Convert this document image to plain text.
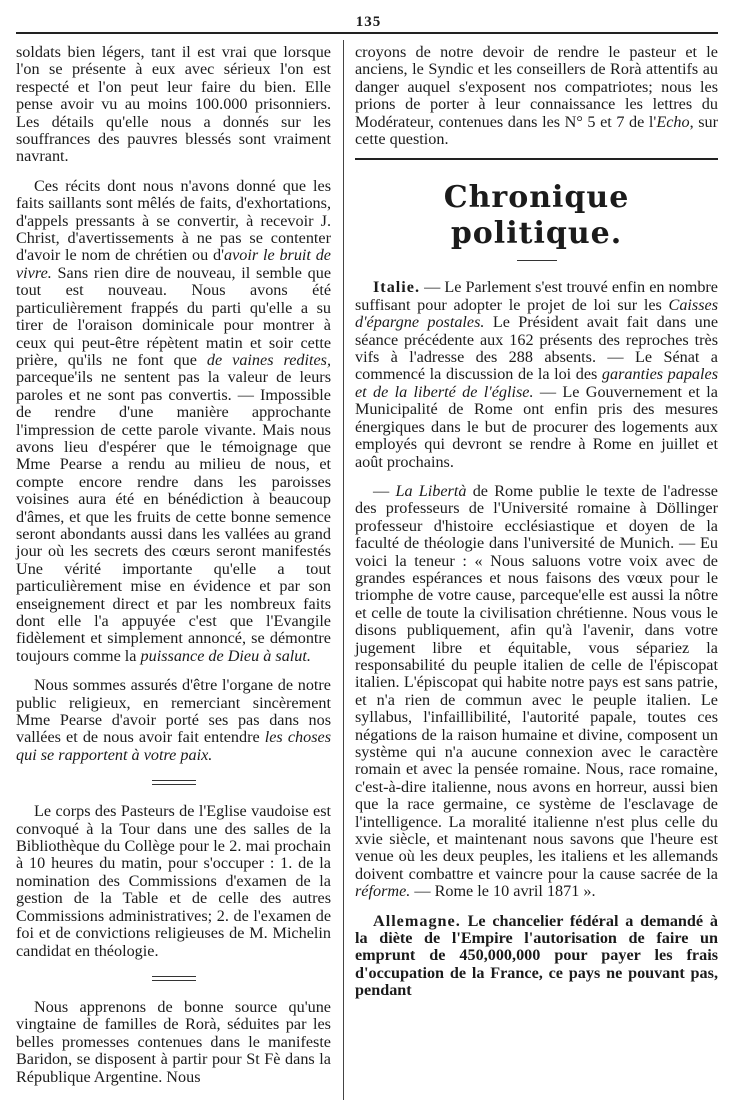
135

soldats bien légers, tant il est vrai que lorsque l'on se présente à eux avec sérieux l'on est respecté et l'on peut leur faire du bien. Elle pense avoir vu au moins 100.000 prisonniers. Les détails qu'elle nous a donnés sur les souffrances des pauvres blessés sont vraiment navrant.

Ces récits dont nous n'avons donné que les faits saillants sont mêlés de faits, d'exhortations, d'appels pressants à se convertir, à recevoir J. Christ, d'avertissements à ne pas se contenter d'avoir le nom de chrétien ou d'avoir le bruit de vivre. Sans rien dire de nouveau, il semble que tout est nouveau. Nous avons été particulièrement frappés du parti qu'elle a su tirer de l'oraison dominicale pour montrer à ceux qui peut-être répètent matin et soir cette prière, qu'ils ne font que de vaines redites, parceque'ils ne sentent pas la valeur de leurs paroles et ne sont pas convertis. — Impossible de rendre d'une manière approchante l'impression de cette parole vivante. Mais nous avons lieu d'espérer que le témoignage que Mme Pearse a rendu au milieu de nous, et compte encore rendre dans les paroisses voisines aura été en bénédiction à beaucoup d'âmes, et que les fruits de cette bonne semence seront abondants aussi dans les vallées au grand jour où les secrets des cœurs seront manifestés Une vérité importante qu'elle a tout particulièrement mise en évidence et par son enseignement direct et par les nombreux faits dont elle l'a appuyée c'est que l'Evangile fidèlement et simplement annoncé, se démontre toujours comme la puissance de Dieu à salut.

Nous sommes assurés d'être l'organe de notre public religieux, en remerciant sincèrement Mme Pearse d'avoir porté ses pas dans nos vallées et de nous avoir fait entendre les choses qui se rapportent à votre paix.

Le corps des Pasteurs de l'Eglise vaudoise est convoqué à la Tour dans une des salles de la Bibliothèque du Collège pour le 2. mai prochain à 10 heures du matin, pour s'occuper : 1. de la nomination des Commissions d'examen de la gestion de la Table et de celle des autres Commissions administratives; 2. de l'examen de foi et de convictions religieuses de M. Michelin candidat en théologie.

Nous apprenons de bonne source qu'une vingtaine de familles de Rorà, séduites par les belles promesses contenues dans le manifeste Baridon, se disposent à partir pour St Fè dans la République Argentine. Nous

croyons de notre devoir de rendre le pasteur et le anciens, le Syndic et les conseillers de Rorà attentifs au danger auquel s'exposent nos compatriotes; nous les prions de porter à leur connaissance les lettres du Modérateur, contenues dans les N° 5 et 7 de l'Echo, sur cette question.

Chronique politique.

Italie. — Le Parlement s'est trouvé enfin en nombre suffisant pour adopter le projet de loi sur les Caisses d'épargne postales. Le Président avait fait dans une séance précédente aux 162 présents des reproches très vifs à l'adresse des 288 absents. — Le Sénat a commencé la discussion de la loi des garanties papales et de la liberté de l'église. — Le Gouvernement et la Municipalité de Rome ont enfin pris des mesures énergiques dans le but de procurer des logements aux employés qui devront se rendre à Rome en juillet et août prochains.

— La Libertà de Rome publie le texte de l'adresse des professeurs de l'Université romaine à Döllinger professeur d'histoire ecclésiastique et doyen de la faculté de théologie dans l'université de Munich. — Eu voici la teneur : « Nous saluons votre voix avec de grandes espérances et nous faisons des vœux pour le triomphe de votre cause, parceque'elle est aussi la nôtre et celle de toute la civilisation chrétienne. Nous vous le disons publiquement, afin qu'à l'avenir, dans votre jugement libre et équitable, vous sépariez la responsabilité du peuple italien de celle de l'épiscopat italien. L'épiscopat qui habite notre pays est sans patrie, et n'a rien de commun avec le peuple italien. Le syllabus, l'infaillibilité, l'autorité papale, toutes ces négations de la raison humaine et divine, composent un système qui n'a aucune connexion avec le caractère romain et avec la pensée romaine. Nous, race romaine, c'est-à-dire italienne, nous avons en horreur, aussi bien que la race germaine, ce système de l'esclavage de l'intelligence. La moralité italienne n'est plus celle du xvie siècle, et maintenant nous savons que l'heure est venue où les deux peuples, les italiens et les allemands doivent combattre et vaincre pour la cause sacrée de la réforme. — Rome le 10 avril 1871 ».

Allemagne. Le chancelier fédéral a demandé à la diète de l'Empire l'autorisation de faire un emprunt de 450,000,000 pour payer les frais d'occupation de la France, ce pays ne pouvant pas, pendant
